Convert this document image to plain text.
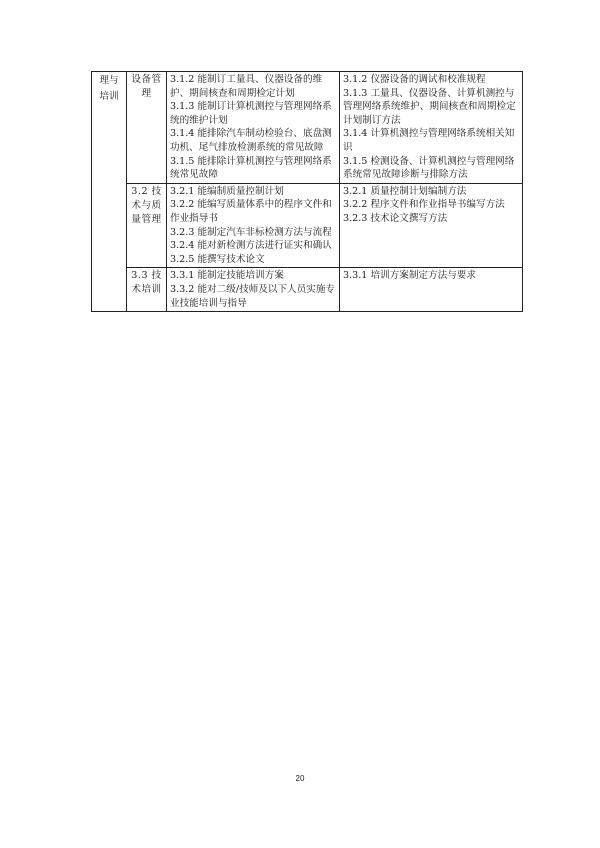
理与培训	设备管理	3.1.2 能制订工量具、仪器设备的维护、期间核查和周期检定计划
3.1.3 能制订计算机测控与管理网络系统的维护计划
3.1.4 能排除汽车制动检验台、底盘测功机、尾气排放检测系统的常见故障
3.1.5 能排除计算机测控与管理网络系统常见故障	3.1.2 仪器设备的调试和校准规程
3.1.3 工量具、仪器设备、计算机测控与管理网络系统维护、期间核查和周期检定计划制订方法
3.1.4 计算机测控与管理网络系统相关知识
3.1.5 检测设备、计算机测控与管理网络系统常见故障诊断与排除方法

	3.2 技术与质量管理	3.2.1 能编制质量控制计划
3.2.2 能编写质量体系中的程序文件和作业指导书
3.2.3 能制定汽车非标检测方法与流程
3.2.4 能对新检测方法进行证实和确认
3.2.5 能撰写技术论文	3.2.1 质量控制计划编制方法
3.2.2 程序文件和作业指导书编写方法
3.2.3 技术论文撰写方法

	3.3 技术培训	3.3.1 能制定技能培训方案
3.3.2 能对二级/技师及以下人员实施专业技能培训与指导	3.3.1 培训方案制定方法与要求
20
